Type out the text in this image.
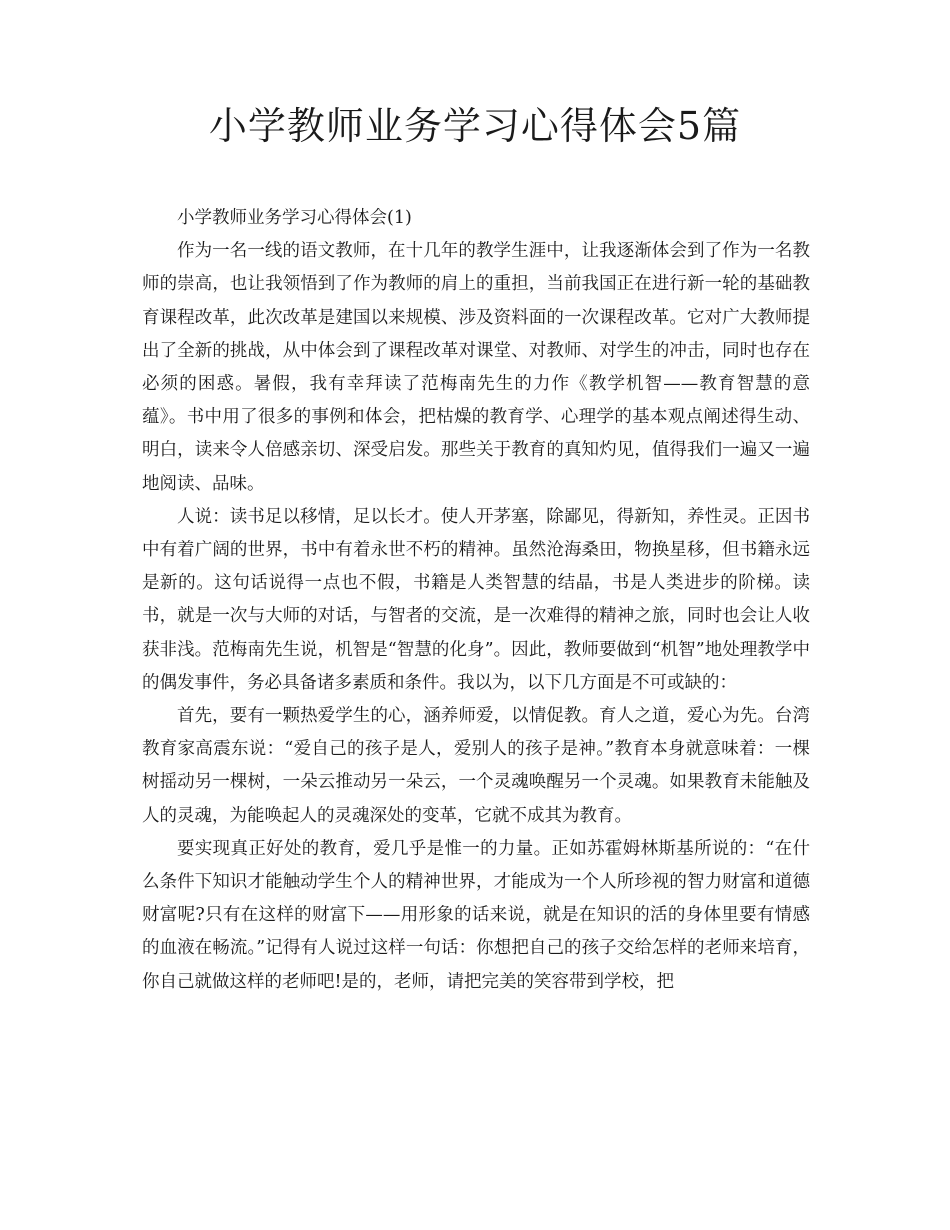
小学教师业务学习心得体会5篇

小学教师业务学习心得体会(1)

作为一名一线的语文教师，在十几年的教学生涯中，让我逐渐体会到了作为一名教师的崇高，也让我领悟到了作为教师的肩上的重担，当前我国正在进行新一轮的基础教育课程改革，此次改革是建国以来规模、涉及资料面的一次课程改革。它对广大教师提出了全新的挑战，从中体会到了课程改革对课堂、对教师、对学生的冲击，同时也存在必须的困惑。暑假，我有幸拜读了范梅南先生的力作《教学机智——教育智慧的意蕴》。书中用了很多的事例和体会，把枯燥的教育学、心理学的基本观点阐述得生动、明白，读来令人倍感亲切、深受启发。那些关于教育的真知灼见，值得我们一遍又一遍地阅读、品味。

人说：读书足以移情，足以长才。使人开茅塞，除鄙见，得新知，养性灵。正因书中有着广阔的世界，书中有着永世不朽的精神。虽然沧海桑田，物换星移，但书籍永远是新的。这句话说得一点也不假，书籍是人类智慧的结晶，书是人类进步的阶梯。读书，就是一次与大师的对话，与智者的交流，是一次难得的精神之旅，同时也会让人收获非浅。范梅南先生说，机智是“智慧的化身”。因此，教师要做到“机智”地处理教学中的偶发事件，务必具备诸多素质和条件。我以为，以下几方面是不可或缺的：

首先，要有一颗热爱学生的心，涵养师爱，以情促教。育人之道，爱心为先。台湾教育家高震东说：“爱自己的孩子是人，爱别人的孩子是神。”教育本身就意味着：一棵树摇动另一棵树，一朵云推动另一朵云，一个灵魂唤醒另一个灵魂。如果教育未能触及人的灵魂，为能唤起人的灵魂深处的变革，它就不成其为教育。

要实现真正好处的教育，爱几乎是惟一的力量。正如苏霍姆林斯基所说的：“在什么条件下知识才能触动学生个人的精神世界，才能成为一个人所珍视的智力财富和道德财富呢?只有在这样的财富下——用形象的话来说，就是在知识的活的身体里要有情感的血液在畅流。”记得有人说过这样一句话：你想把自己的孩子交给怎样的老师来培育，你自己就做这样的老师吧!是的，老师，请把完美的笑容带到学校，把
